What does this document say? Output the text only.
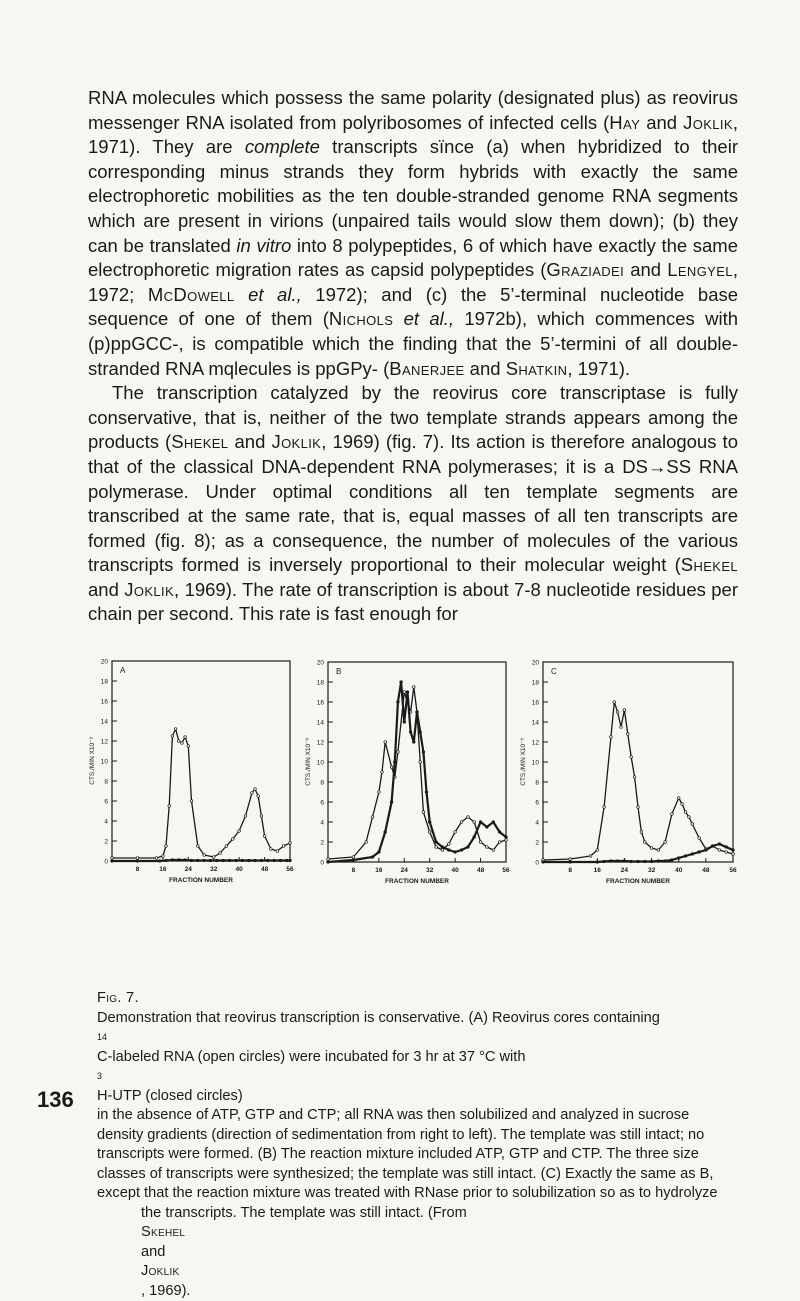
RNA molecules which possess the same polarity (designated plus) as reovirus messenger RNA isolated from polyribosomes of infected cells (Hay and Joklik, 1971). They are complete transcripts sїnce (a) when hybridized to their corresponding minus strands they form hybrids with exactly the same electrophoretic mobilities as the ten double-stranded genome RNA segments which are present in virions (unpaired tails would slow them down); (b) they can be translated in vitro into 8 polypeptides, 6 of which have exactly the same electrophoretic migration rates as capsid polypeptides (Graziadei and Lengyel, 1972; McDowell et al., 1972); and (c) the 5’-terminal nucleotide base sequence of one of them (Nichols et al., 1972b), which commences with (p)ppGCC-, is compatible which the finding that the 5’-termini of all double-stranded RNA mqlecules is ppGPy- (Banerjee and Shatkin, 1971).

The transcription catalyzed by the reovirus core transcriptase is fully conservative, that is, neither of the two template strands appears among the products (Shekel and Joklik, 1969) (fig. 7). Its action is therefore analogous to that of the classical DNA-dependent RNA polymerases; it is a DS→SS RNA polymerase. Under optimal conditions all ten template segments are transcribed at the same rate, that is, equal masses of all ten transcripts are formed (fig. 8); as a consequence, the number of molecules of the various transcripts formed is inversely proportional to their molecular weight (Shekel and Joklik, 1969). The rate of transcription is about 7-8 nucleotide residues per chain per second. This rate is fast enough for

A
0
2
4
6
8
10
12
14
16
18
20
8	16	24	32	40	48	56
FRACTION NUMBER
CTS./MIN X10⁻³
B
0
2
4
6
8
10
12
14
16
18
20
8	16	24	32	40	48	56
FRACTION NUMBER
CTS./MIN X10⁻³
C
0
2
4
6
8
10
12
14
16
18
20
8	16	24	32	40	48	56
FRACTION NUMBER
CTS./MIN X10⁻³
Fig. 7.
Demonstration that reovirus transcription is conservative. (A) Reovirus cores containing
14
C-labeled RNA (open circles) were incubated for 3 hr at 37 °C with
3
H-UTP (closed circles)
in the absence of ATP, GTP and CTP; all RNA was then solubilized and analyzed in sucrose
density gradients (direction of sedimentation from right to left). The template was still intact; no
transcripts were formed. (B) The reaction mixture included ATP, GTP and CTP. The three size
classes of transcripts were synthesized; the template was still intact. (C) Exactly the same as B,
except that the reaction mixture was treated with RNase prior to solubilization so as to hydrolyze
the transcripts. The template was still intact. (From
Skehel
and
Joklik
, 1969).
136
